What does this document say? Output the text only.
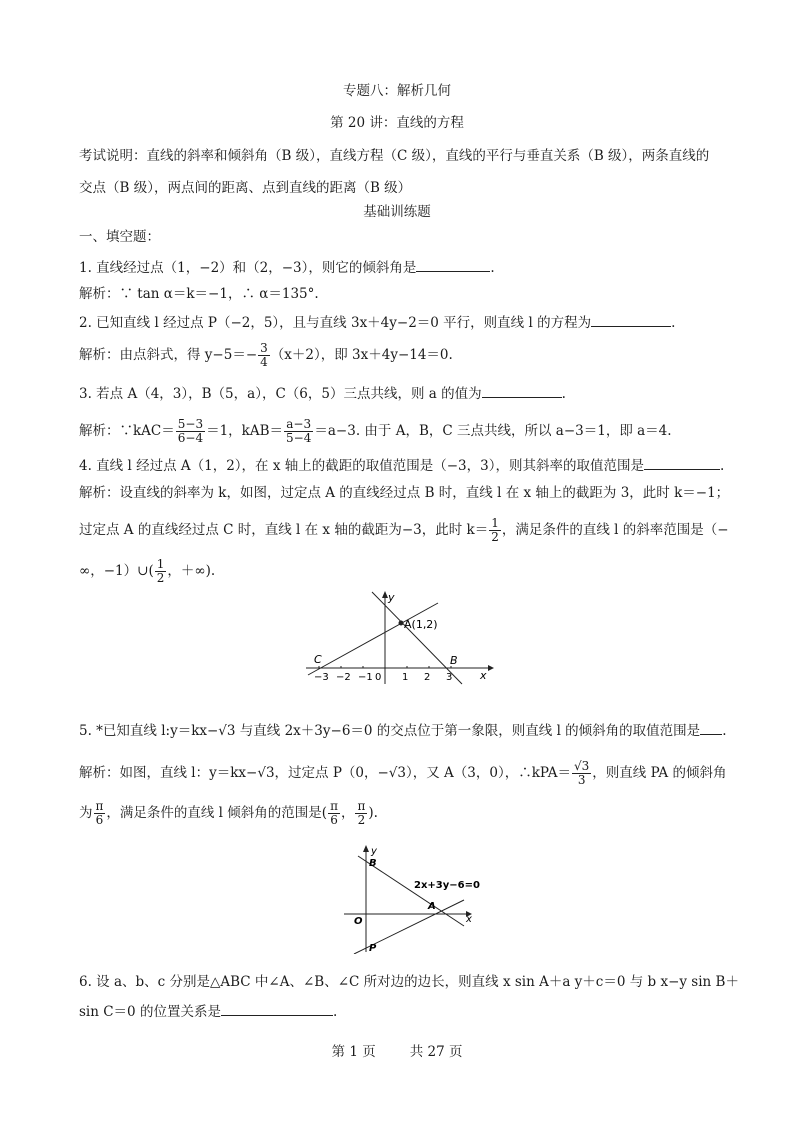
专题八：解析几何
第 20 讲：直线的方程
考试说明：直线的斜率和倾斜角（B 级），直线方程（C 级），直线的平行与垂直关系（B 级），两条直线的
交点（B 级），两点间的距离、点到直线的距离（B 级）
基础训练题
一、填空题：
1. 直线经过点（1，−2）和（2，−3），则它的倾斜角是	.
解析：∵ tan α＝k＝−1，∴ α＝135°.
2. 已知直线 l 经过点 P（−2，5），且与直线 3x＋4y−2＝0 平行，则直线 l 的方程为	.
解析：由点斜式，得 $y-5=- \frac{3}{4} (x+2)$，即 3x＋4y−14＝0.
3. 若点 A（4，3），B（5，a），C（6，5）三点共线，则 a 的值为	.
解析：∵kAC＝ $\frac{5-3}{6-4} =1$，$kAB= \frac{a-3}{5-4} =a-3$. 由于 A，B，C 三点共线，所以 a−3＝1，即 a＝4.
4. 直线 l 经过点 A（1，2），在 x 轴上的截距的取值范围是（−3，3），则其斜率的取值范围是	.
解析：设直线的斜率为 k，如图，过定点 A 的直线经过点 B 时，直线 l 在 x 轴上的截距为 3，此时 k＝−1；
过定点 A 的直线经过点 C 时，直线 l 在 x 轴的截距为−3，此时 $k= \frac{1}{2}$ ，满足条件的直线 l 的斜率范围是（−
∞，−1）∪( $\frac{1}{2}$ ，＋∞).
A(1,2)
B
C
x
y
−3 −2 −1 0 1 2 3
5. *已知直线 l:y＝kx−√3 与直线 2x＋3y−6＝0 的交点位于第一象限，则直线 l 的倾斜角的取值范围是 .
解析：如图，直线 l：y＝kx−√3，过定点 P（0，−√3），又 A（3，0），∴kPA＝ $\frac{√3}{3}$ ，则直线 PA 的倾斜角
为 $\frac{\pi}{6}$ ，满足条件的直线 l 倾斜角的范围是( $\frac{\pi}{6}$ ， $\frac{\pi}{2}$ ).
2x+3y−6=0
A
B
P
O	x
y
6. 设 a、b、c 分别是△ABC 中∠A、∠B、∠C 所对边的边长，则直线 x sin A＋a y＋c＝0 与 b x−y sin B＋
sin C＝0 的位置关系是	.
第 1 页	共 27 页
